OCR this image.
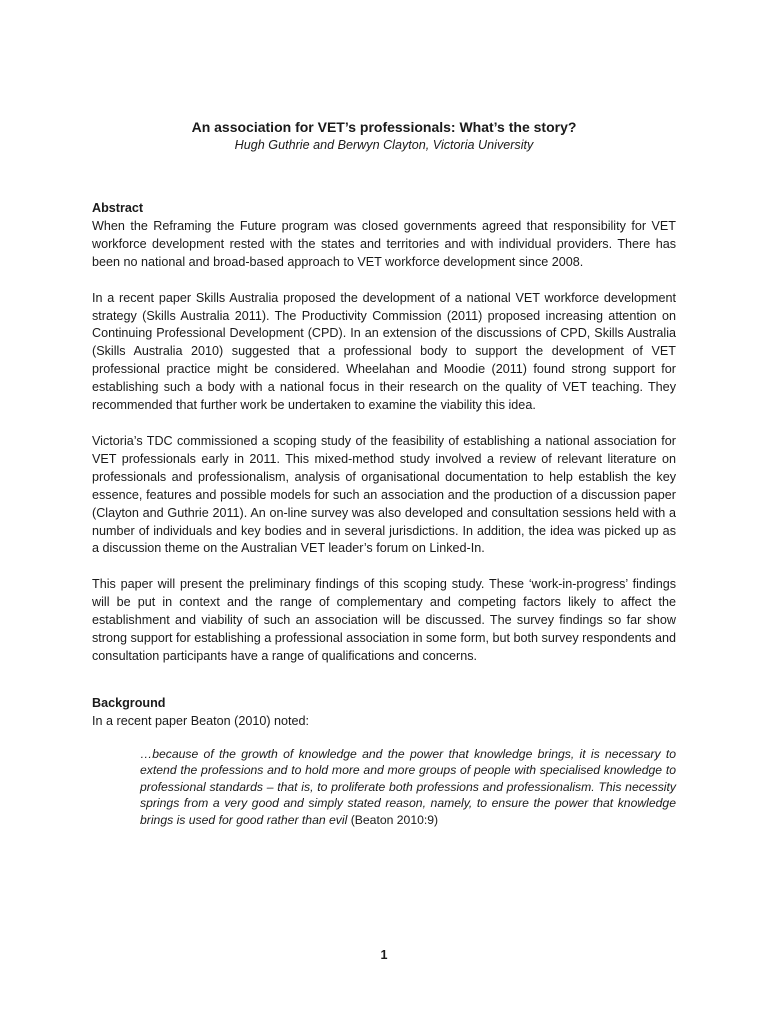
An association for VET’s professionals: What’s the story?
Hugh Guthrie and Berwyn Clayton, Victoria University
Abstract

When the Reframing the Future program was closed governments agreed that responsibility for VET workforce development rested with the states and territories and with individual providers. There has been no national and broad-based approach to VET workforce development since 2008.

In a recent paper Skills Australia proposed the development of a national VET workforce development strategy (Skills Australia 2011). The Productivity Commission (2011) proposed increasing attention on Continuing Professional Development (CPD). In an extension of the discussions of CPD, Skills Australia (Skills Australia 2010) suggested that a professional body to support the development of VET professional practice might be considered. Wheelahan and Moodie (2011) found strong support for establishing such a body with a national focus in their research on the quality of VET teaching. They recommended that further work be undertaken to examine the viability this idea.

Victoria’s TDC commissioned a scoping study of the feasibility of establishing a national association for VET professionals early in 2011. This mixed-method study involved a review of relevant literature on professionals and professionalism, analysis of organisational documentation to help establish the key essence, features and possible models for such an association and the production of a discussion paper (Clayton and Guthrie 2011). An on-line survey was also developed and consultation sessions held with a number of individuals and key bodies and in several jurisdictions. In addition, the idea was picked up as a discussion theme on the Australian VET leader’s forum on Linked-In.

This paper will present the preliminary findings of this scoping study. These ‘work-in-progress’ findings will be put in context and the range of complementary and competing factors likely to affect the establishment and viability of such an association will be discussed. The survey findings so far show strong support for establishing a professional association in some form, but both survey respondents and consultation participants have a range of qualifications and concerns.

Background
In a recent paper Beaton (2010) noted:
…because of the growth of knowledge and the power that knowledge brings, it is necessary to extend the professions and to hold more and more groups of people with specialised knowledge to professional standards – that is, to proliferate both professions and professionalism. This necessity springs from a very good and simply stated reason, namely, to ensure the power that knowledge brings is used for good rather than evil (Beaton 2010:9)
1
